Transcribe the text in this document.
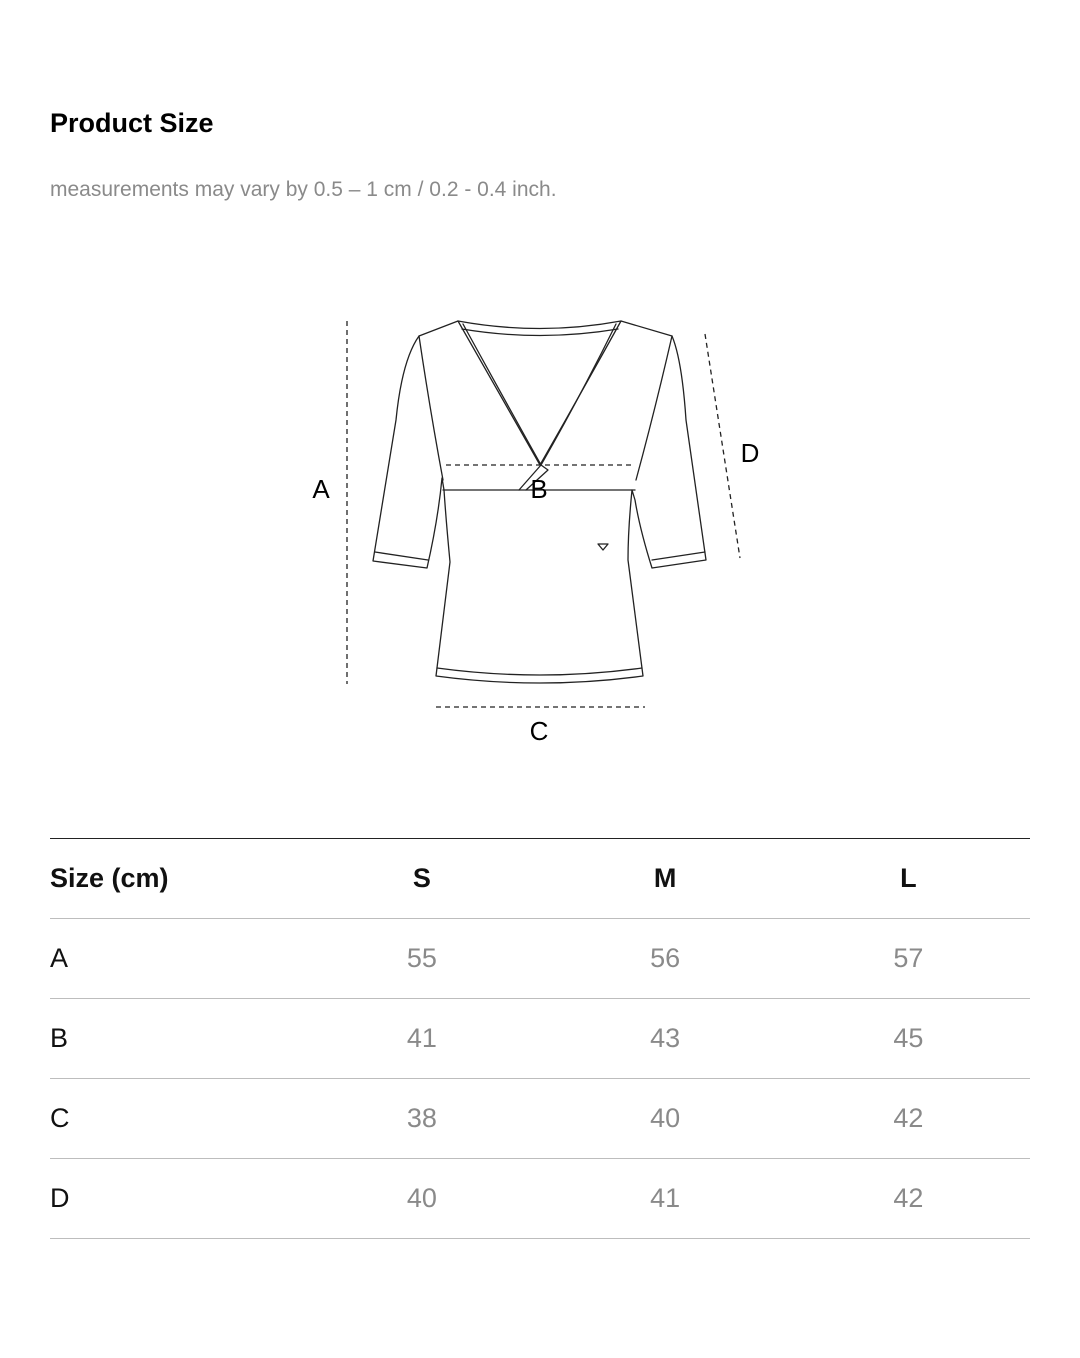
Product Size

measurements may vary by 0.5 – 1 cm / 0.2 - 0.4 inch.

A	B
C
D
Size (cm)	S	M	L
A	55	56	57
B	41	43	45
C	38	40	42
D	40	41	42
